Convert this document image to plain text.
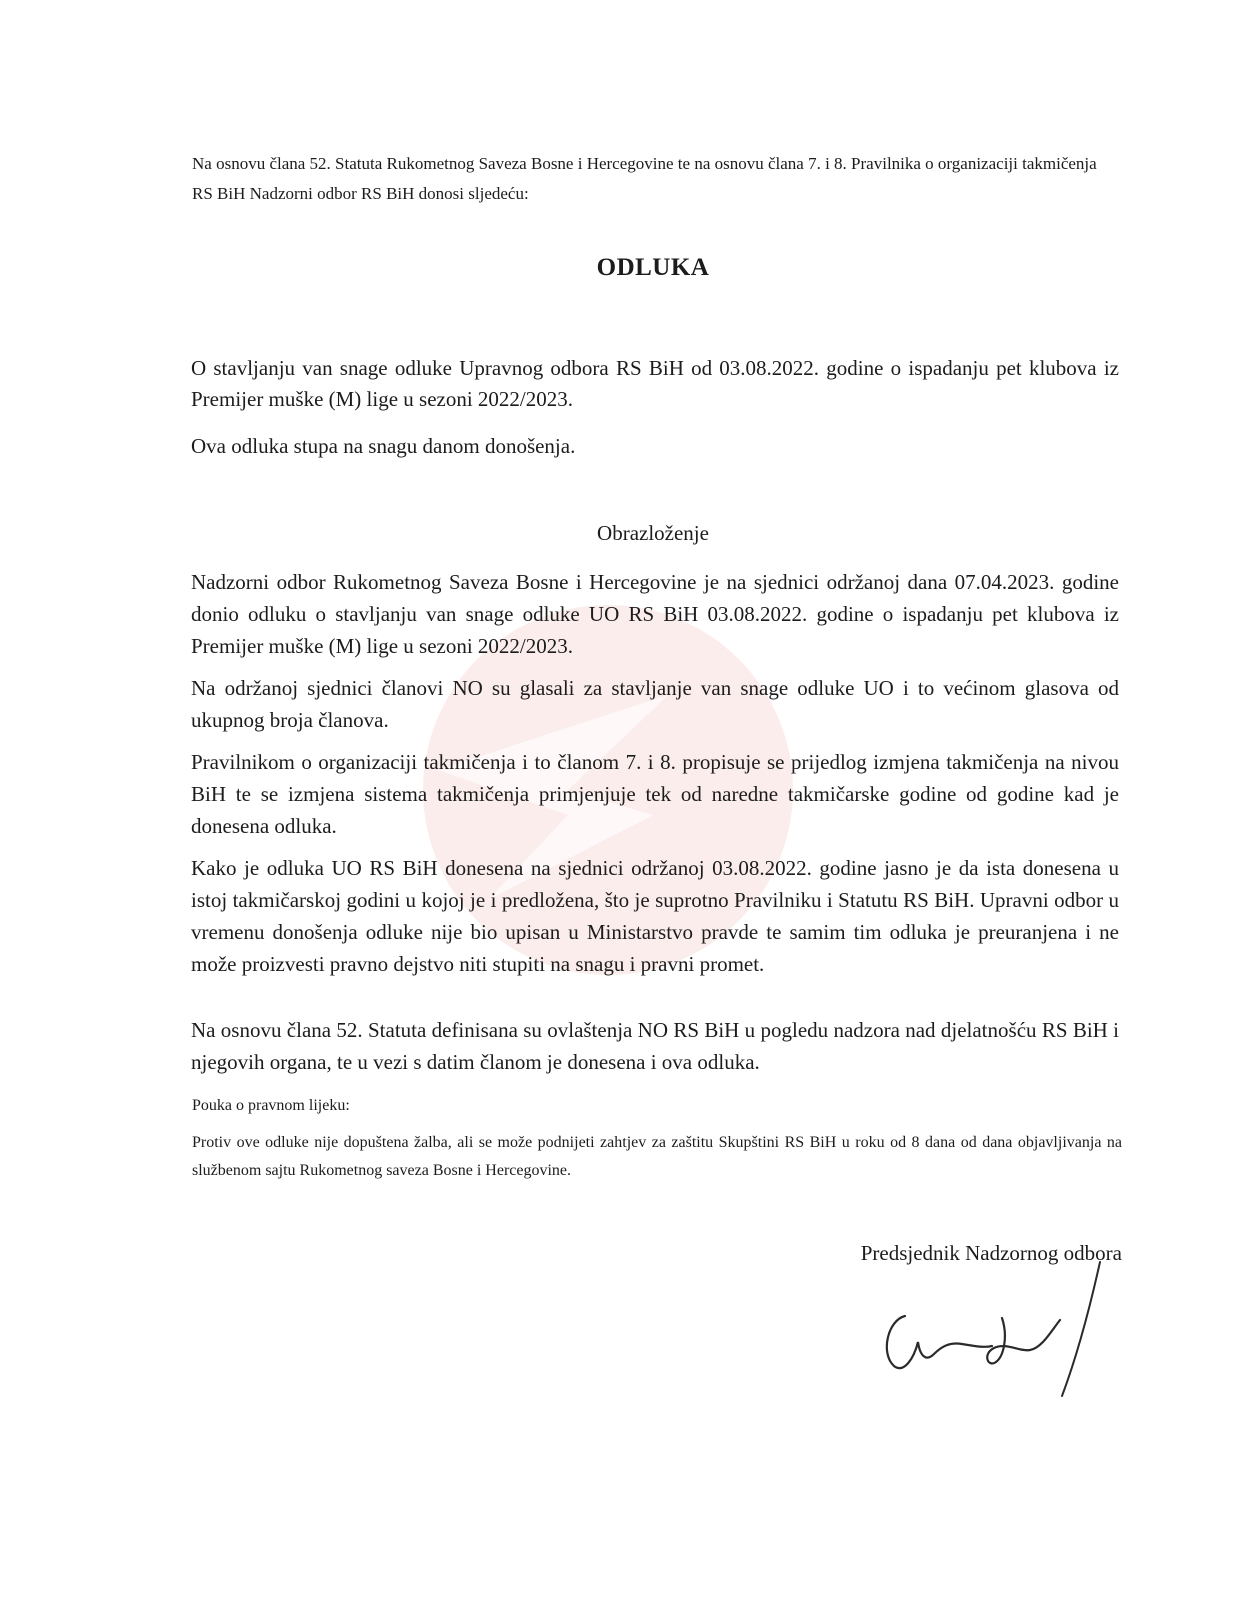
Na osnovu člana 52. Statuta Rukometnog Saveza Bosne i Hercegovine te na osnovu člana 7. i 8. Pravilnika o organizaciji takmičenja RS BiH Nadzorni odbor RS BiH donosi sljedeću:

ODLUKA

O stavljanju van snage odluke Upravnog odbora RS BiH od 03.08.2022. godine o ispadanju pet klubova iz Premijer muške (M) lige u sezoni 2022/2023.

Ova odluka stupa na snagu danom donošenja.

Obrazloženje

Nadzorni odbor Rukometnog Saveza Bosne i Hercegovine je na sjednici održanoj dana 07.04.2023. godine donio odluku o stavljanju van snage odluke UO RS BiH 03.08.2022. godine o ispadanju pet klubova iz Premijer muške (M) lige u sezoni 2022/2023.

Na održanoj sjednici članovi NO su glasali za stavljanje van snage odluke UO i to većinom glasova od ukupnog broja članova.

Pravilnikom o organizaciji takmičenja i to članom 7. i 8. propisuje se prijedlog izmjena takmičenja na nivou BiH te se izmjena sistema takmičenja primjenjuje tek od naredne takmičarske godine od godine kad je donesena odluka.

Kako je odluka UO RS BiH donesena na sjednici održanoj 03.08.2022. godine jasno je da ista donesena u istoj takmičarskoj godini u kojoj je i predložena, što je suprotno Pravilniku i Statutu RS BiH. Upravni odbor u vremenu donošenja odluke nije bio upisan u Ministarstvo pravde te samim tim odluka je preuranjena i ne može proizvesti pravno dejstvo niti stupiti na snagu i pravni promet.

Na osnovu člana 52. Statuta definisana su ovlaštenja NO RS BiH u pogledu nadzora nad djelatnošću RS BiH i njegovih organa, te u vezi s datim članom je donesena i ova odluka.

Pouka o pravnom lijeku:

Protiv ove odluke nije dopuštena žalba, ali se može podnijeti zahtjev za zaštitu Skupštini RS BiH u roku od 8 dana od dana objavljivanja na službenom sajtu Rukometnog saveza Bosne i Hercegovine.

Predsjednik Nadzornog odbora
